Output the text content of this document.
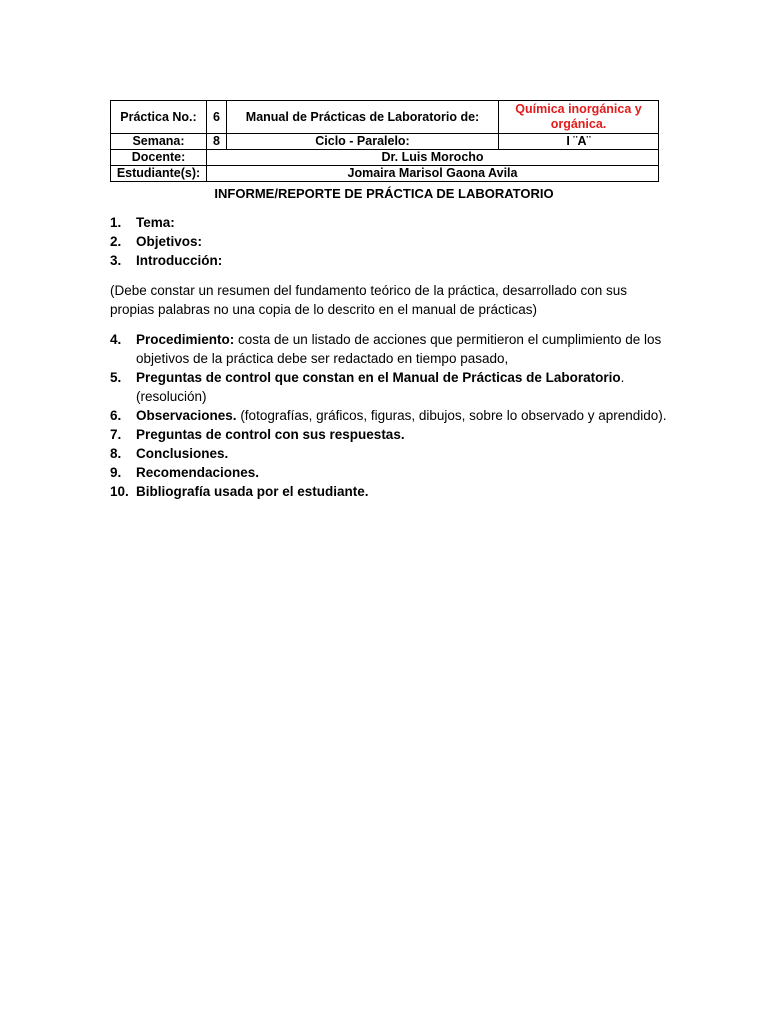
Práctica No.:	6	Manual de Prácticas de Laboratorio de:	Química inorgánica y orgánica.
Semana:	8	Ciclo - Paralelo:	I ¨A¨
Docente:	Dr. Luis Morocho		
Estudiante(s):	Jomaira Marisol Gaona Avila		
INFORME/REPORTE DE PRÁCTICA DE LABORATORIO
1. Tema:
2. Objetivos:
3. Introducción:
(Debe constar un resumen del fundamento teórico de la práctica, desarrollado con sus propias palabras no una copia de lo descrito en el manual de prácticas)
4. Procedimiento: costa de un listado de acciones que permitieron el cumplimiento de los objetivos de la práctica debe ser redactado en tiempo pasado,
5. Preguntas de control que constan en el Manual de Prácticas de Laboratorio. (resolución)
6. Observaciones. (fotografías, gráficos, figuras, dibujos, sobre lo observado y aprendido).
7. Preguntas de control con sus respuestas.
8. Conclusiones.
9. Recomendaciones.
10. Bibliografía usada por el estudiante.
